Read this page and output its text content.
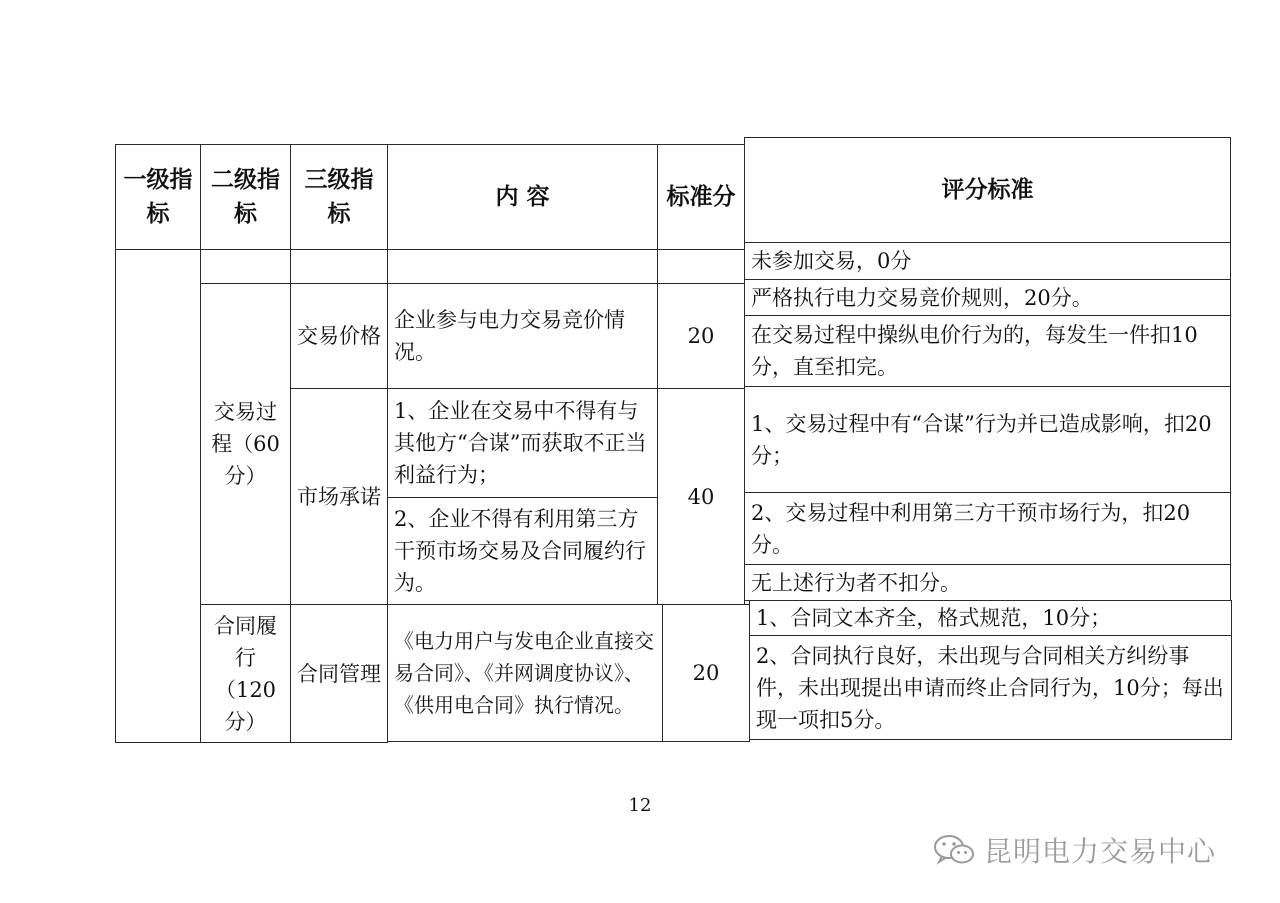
一级指标
二级指标
三级指标
内 容	标准分	评分标准
未参加交易，0分
交易过程（60分）
交易价格
企业参与电力交易竞价情况。
20
严格执行电力交易竞价规则，20分。
在交易过程中操纵电价行为的，每发生一件扣10分，直至扣完。
市场承诺
1、企业在交易中不得有与其他方“合谋”而获取不正当利益行为；
2、企业不得有利用第三方干预市场交易及合同履约行为。
40
1、交易过程中有“合谋”行为并已造成影响，扣20分；
2、交易过程中利用第三方干预市场行为，扣20分。
无上述行为者不扣分。
合同履行（120分）
合同管理
《电力用户与发电企业直接交易合同》、《并网调度协议》、《供用电合同》执行情况。
20
1、合同文本齐全，格式规范，10分；
2、合同执行良好，未出现与合同相关方纠纷事件，未出现提出申请而终止合同行为，10分；每出现一项扣5分。
12
昆明电力交易中心
